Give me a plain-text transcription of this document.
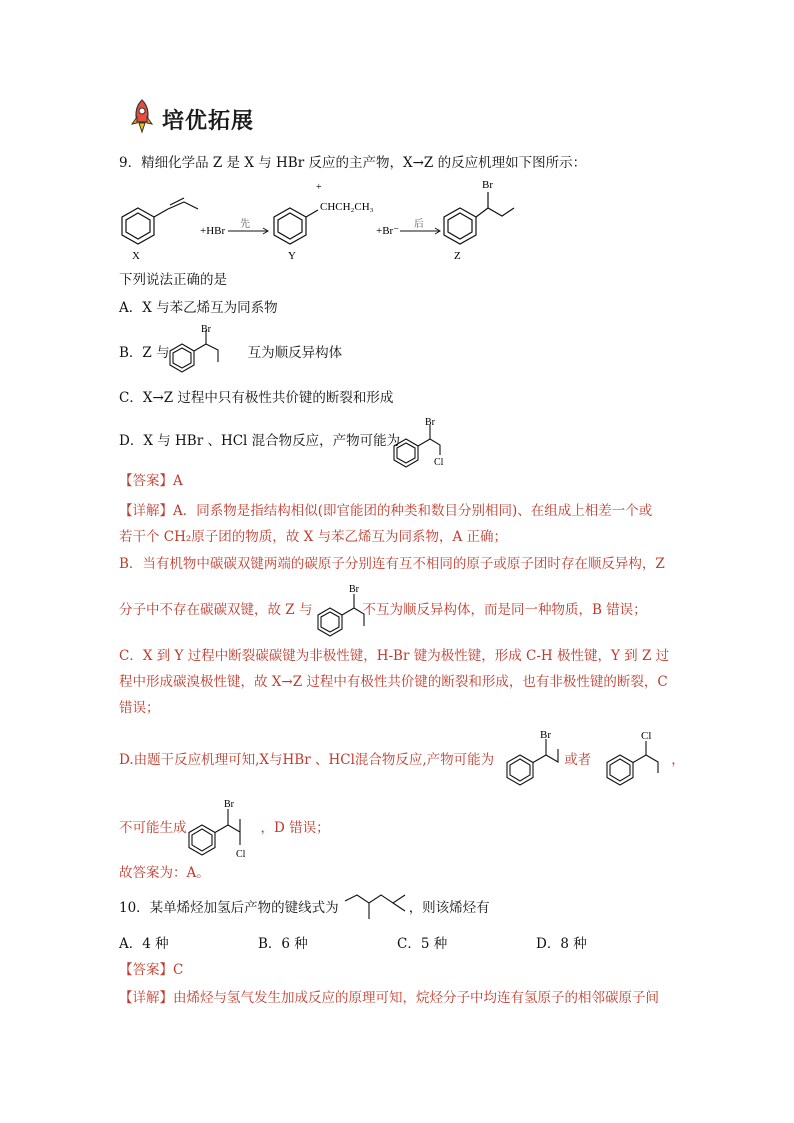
培优拓展
9．精细化学品 Z 是 X 与 HBr 反应的主产物，X→Z 的反应机理如下图所示：
X
+HBr
先
+
CHCH₂CH₃
Y
+Br⁻
后
Br
Z
下列说法正确的是
A．X 与苯乙烯互为同系物
B．Z 与	互为顺反异构体
Br
C．X→Z 过程中只有极性共价键的断裂和形成
D．X 与 HBr 、HCl 混合物反应，产物可能为
Br
Cl
【答案】A
【详解】A．同系物是指结构相似(即官能团的种类和数目分别相同)、在组成上相差一个或
若干个 CH₂原子团的物质，故 X 与苯乙烯互为同系物，A 正确；
B．当有机物中碳碳双键两端的碳原子分别连有互不相同的原子或原子团时存在顺反异构，Z
分子中不存在碳碳双键，故 Z 与	不互为顺反异构体，而是同一种物质，B 错误；
Br
C．X 到 Y 过程中断裂碳碳键为非极性键，H-Br 键为极性键，形成 C-H 极性键，Y 到 Z 过
程中形成碳溴极性键，故 X→Z 过程中有极性共价键的断裂和形成，也有非极性键的断裂，C
错误；
D.由题干反应机理可知,X与HBr 、HCl混合物反应,产物可能为	或者	，
Br	Cl
不可能生成	，D 错误；
Br
Cl
故答案为：A。
10．某单烯烃加氢后产物的键线式为	，则该烯烃有
A．4 种	B．6 种	C．5 种	D．8 种
【答案】C
【详解】由烯烃与氢气发生加成反应的原理可知，烷烃分子中均连有氢原子的相邻碳原子间
